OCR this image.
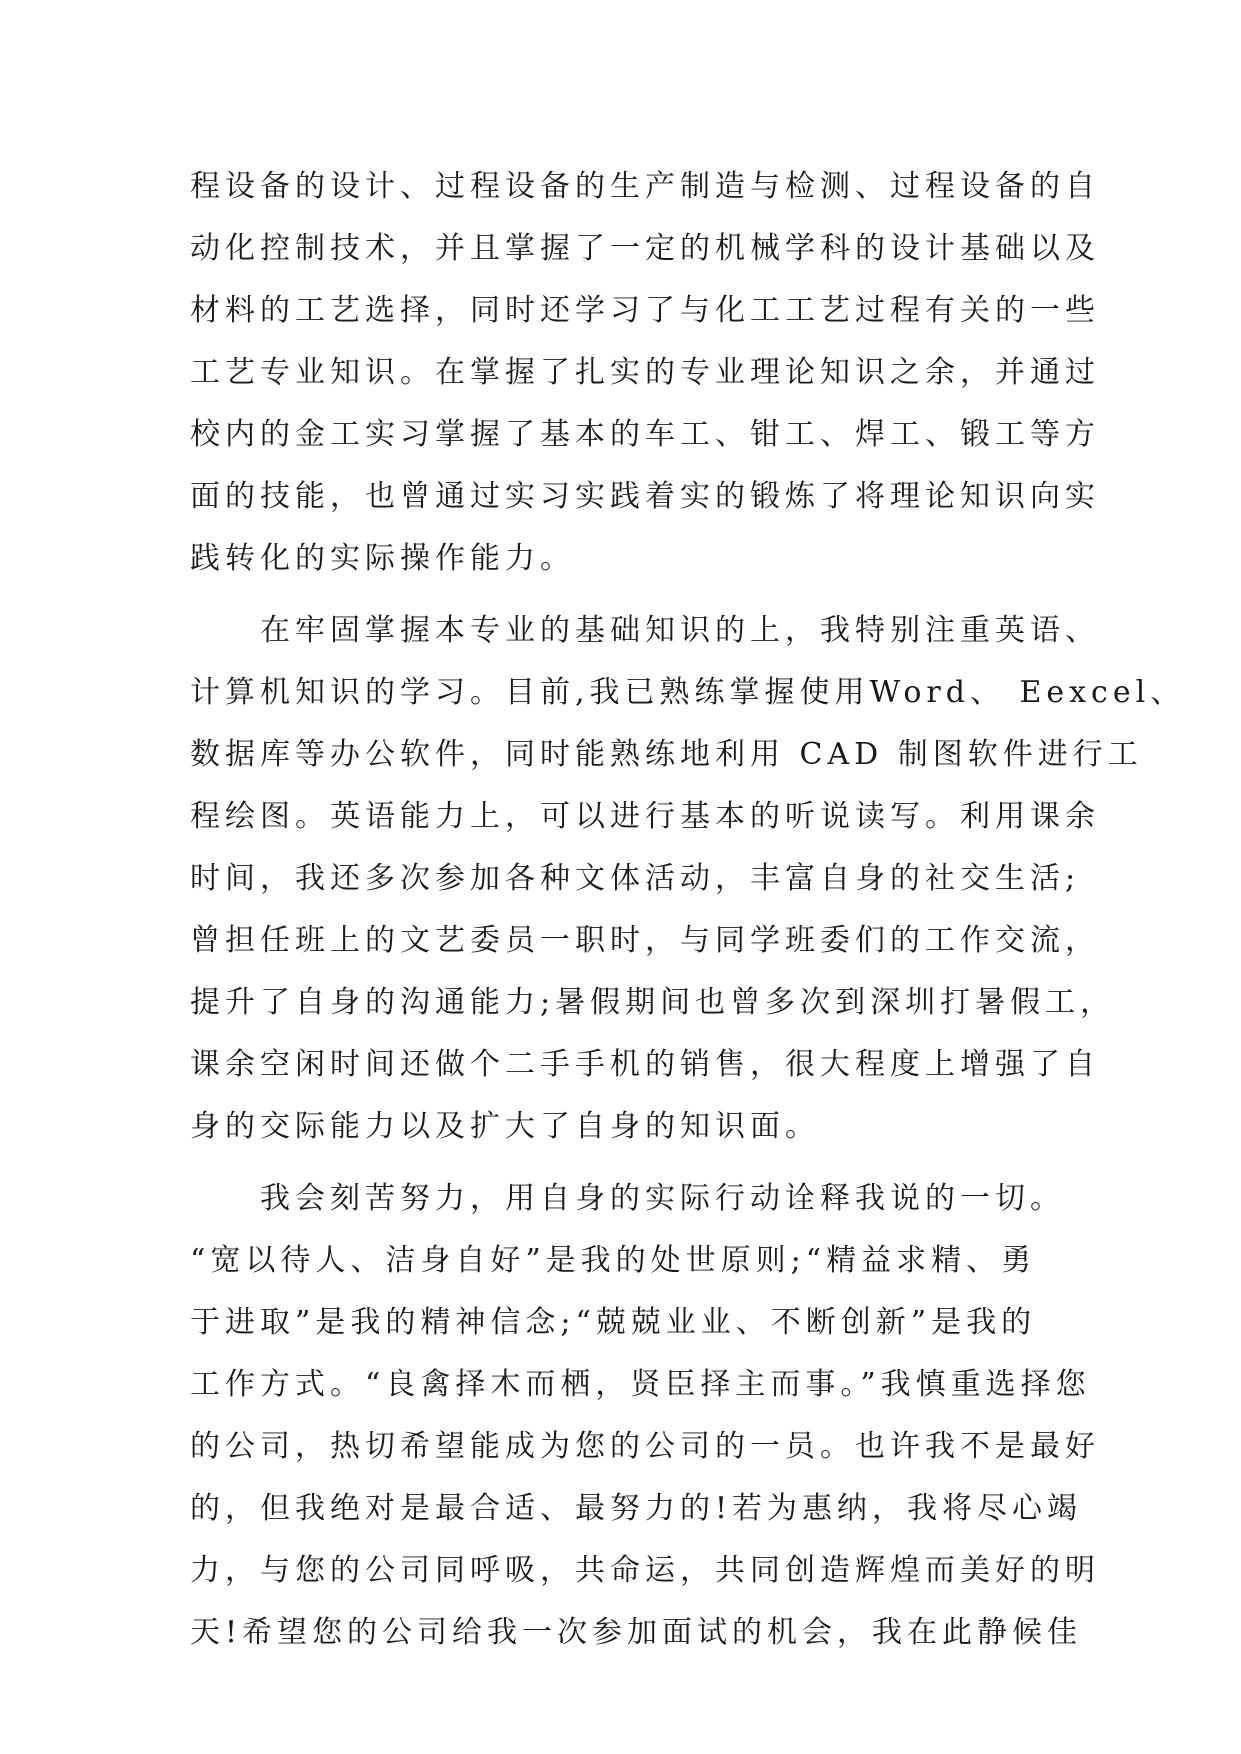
程设备的设计、过程设备的生产制造与检测、过程设备的自
动化控制技术，并且掌握了一定的机械学科的设计基础以及
材料的工艺选择，同时还学习了与化工工艺过程有关的一些
工艺专业知识。在掌握了扎实的专业理论知识之余，并通过
校内的金工实习掌握了基本的车工、钳工、焊工、锻工等方
面的技能，也曾通过实习实践着实的锻炼了将理论知识向实
践转化的实际操作能力。
在牢固掌握本专业的基础知识的上，我特别注重英语、
计算机知识的学习。目前,我已熟练掌握使用Word、 Eexcel、
数据库等办公软件，同时能熟练地利用 CAD 制图软件进行工
程绘图。英语能力上，可以进行基本的听说读写。利用课余
时间，我还多次参加各种文体活动，丰富自身的社交生活;
曾担任班上的文艺委员一职时，与同学班委们的工作交流，
提升了自身的沟通能力;暑假期间也曾多次到深圳打暑假工，
课余空闲时间还做个二手手机的销售，很大程度上增强了自
身的交际能力以及扩大了自身的知识面。
我会刻苦努力，用自身的实际行动诠释我说的一切。
“宽以待人、洁身自好”是我的处世原则;“精益求精、勇
于进取”是我的精神信念;“兢兢业业、不断创新”是我的
工作方式。“良禽择木而栖，贤臣择主而事。”我慎重选择您
的公司，热切希望能成为您的公司的一员。也许我不是最好
的，但我绝对是最合适、最努力的!若为惠纳，我将尽心竭
力，与您的公司同呼吸，共命运，共同创造辉煌而美好的明
天!希望您的公司给我一次参加面试的机会，我在此静候佳
